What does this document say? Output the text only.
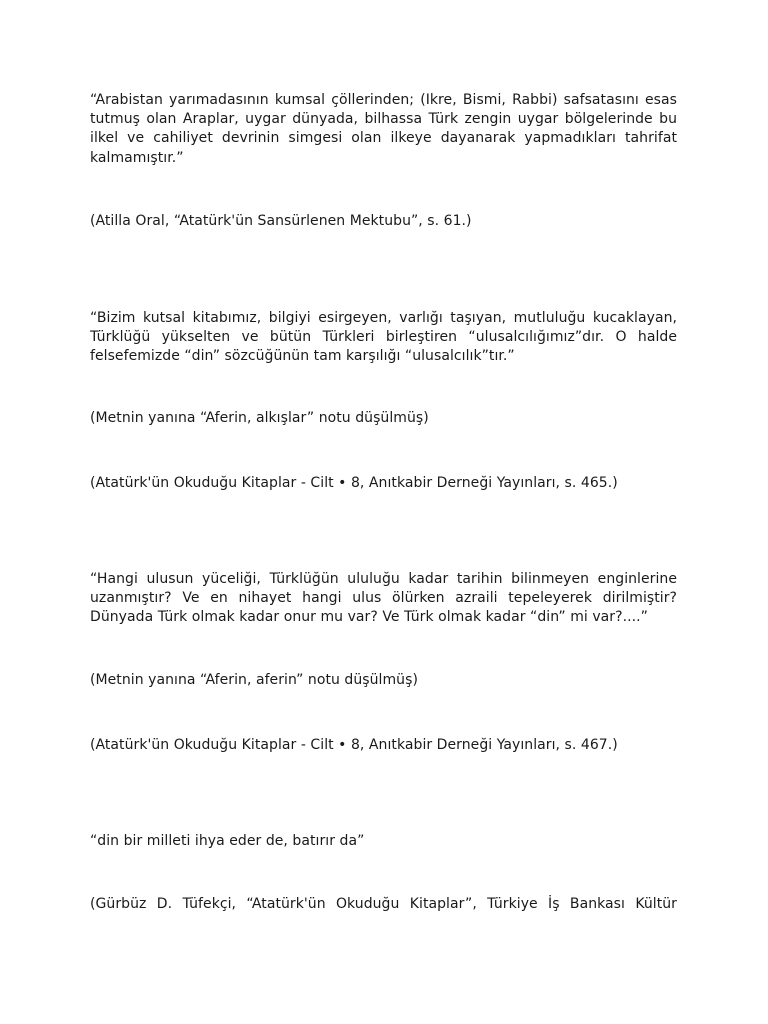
“Arabistan yarımadasının kumsal çöllerinden; (Ikre, Bismi, Rabbi) safsatasını esas tutmuş olan Araplar, uygar dünyada, bilhassa Türk zengin uygar bölgelerinde bu ilkel ve cahiliyet devrinin simgesi olan ilkeye dayanarak yapmadıkları tahrifat kalmamıştır.”

(Atilla Oral, “Atatürk'ün Sansürlenen Mektubu”, s. 61.)

“Bizim kutsal kitabımız, bilgiyi esirgeyen, varlığı taşıyan, mutluluğu kucaklayan, Türklüğü yükselten ve bütün Türkleri birleştiren “ulusalcılığımız”dır. O halde felsefemizde “din” sözcüğünün tam karşılığı “ulusalcılık”tır.”

(Metnin yanına “Aferin, alkışlar” notu düşülmüş)

(Atatürk'ün Okuduğu Kitaplar - Cilt • 8, Anıtkabir Derneği Yayınları, s. 465.)

“Hangi ulusun yüceliği, Türklüğün ululuğu kadar tarihin bilinmeyen enginlerine uzanmıştır? Ve en nihayet hangi ulus ölürken azraili tepeleyerek dirilmiştir? Dünyada Türk olmak kadar onur mu var? Ve Türk olmak kadar “din” mi var?....”

(Metnin yanına “Aferin, aferin” notu düşülmüş)

(Atatürk'ün Okuduğu Kitaplar - Cilt • 8, Anıtkabir Derneği Yayınları, s. 467.)

“din bir milleti ihya eder de, batırır da”

(Gürbüz D. Tüfekçi, “Atatürk'ün Okuduğu Kitaplar”, Türkiye İş Bankası Kültür
